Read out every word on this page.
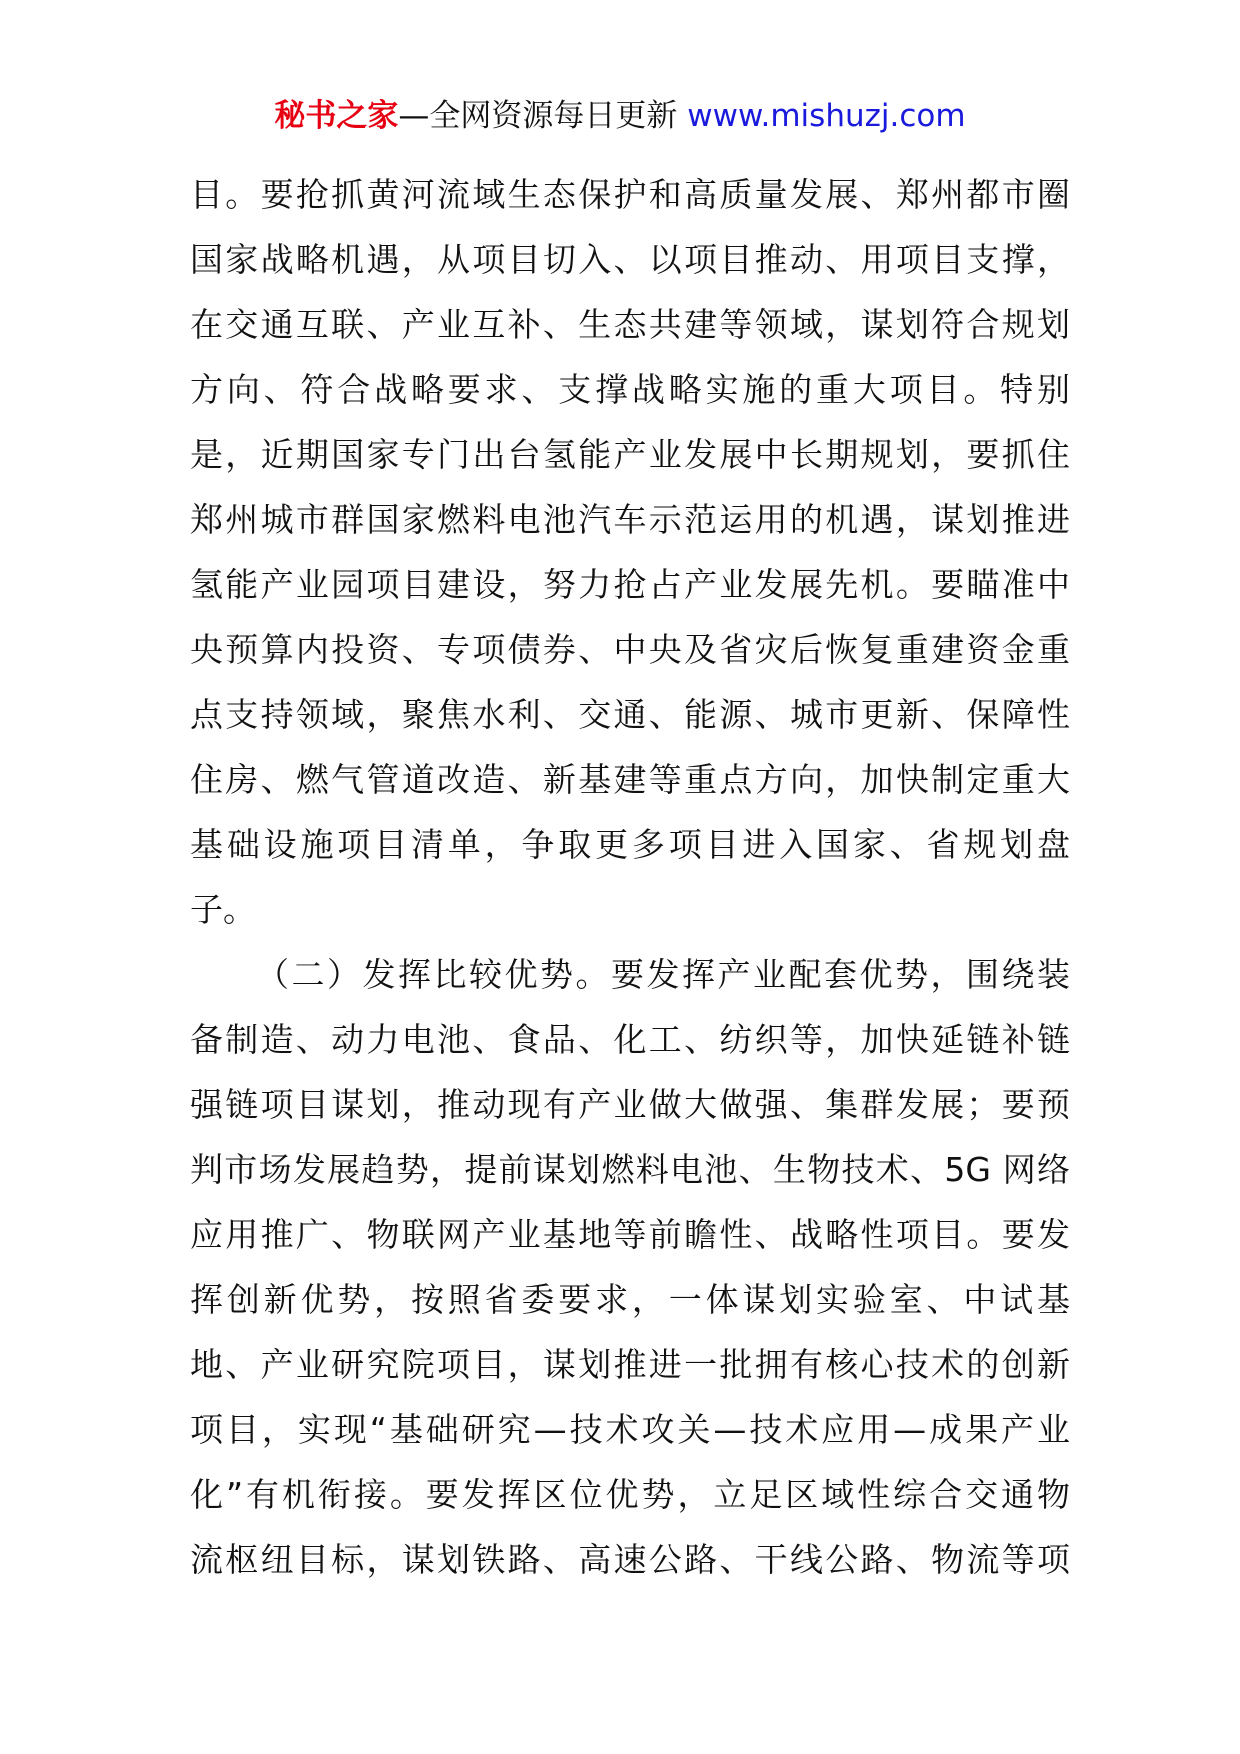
秘书之家—全网资源每日更新 www.mishuzj.com
目。要抢抓黄河流域生态保护和高质量发展、郑州都市圈
国家战略机遇，从项目切入、以项目推动、用项目支撑，
在交通互联、产业互补、生态共建等领域，谋划符合规划
方向、符合战略要求、支撑战略实施的重大项目。特别
是，近期国家专门出台氢能产业发展中长期规划，要抓住
郑州城市群国家燃料电池汽车示范运用的机遇，谋划推进
氢能产业园项目建设，努力抢占产业发展先机。要瞄准中
央预算内投资、专项债券、中央及省灾后恢复重建资金重
点支持领域，聚焦水利、交通、能源、城市更新、保障性
住房、燃气管道改造、新基建等重点方向，加快制定重大
基础设施项目清单，争取更多项目进入国家、省规划盘
子。
（二）发挥比较优势。要发挥产业配套优势，围绕装
备制造、动力电池、食品、化工、纺织等，加快延链补链
强链项目谋划，推动现有产业做大做强、集群发展；要预
判市场发展趋势，提前谋划燃料电池、生物技术、5G 网络
应用推广、物联网产业基地等前瞻性、战略性项目。要发
挥创新优势，按照省委要求，一体谋划实验室、中试基
地、产业研究院项目，谋划推进一批拥有核心技术的创新
项目，实现“基础研究—技术攻关—技术应用—成果产业
化”有机衔接。要发挥区位优势，立足区域性综合交通物
流枢纽目标，谋划铁路、高速公路、干线公路、物流等项
